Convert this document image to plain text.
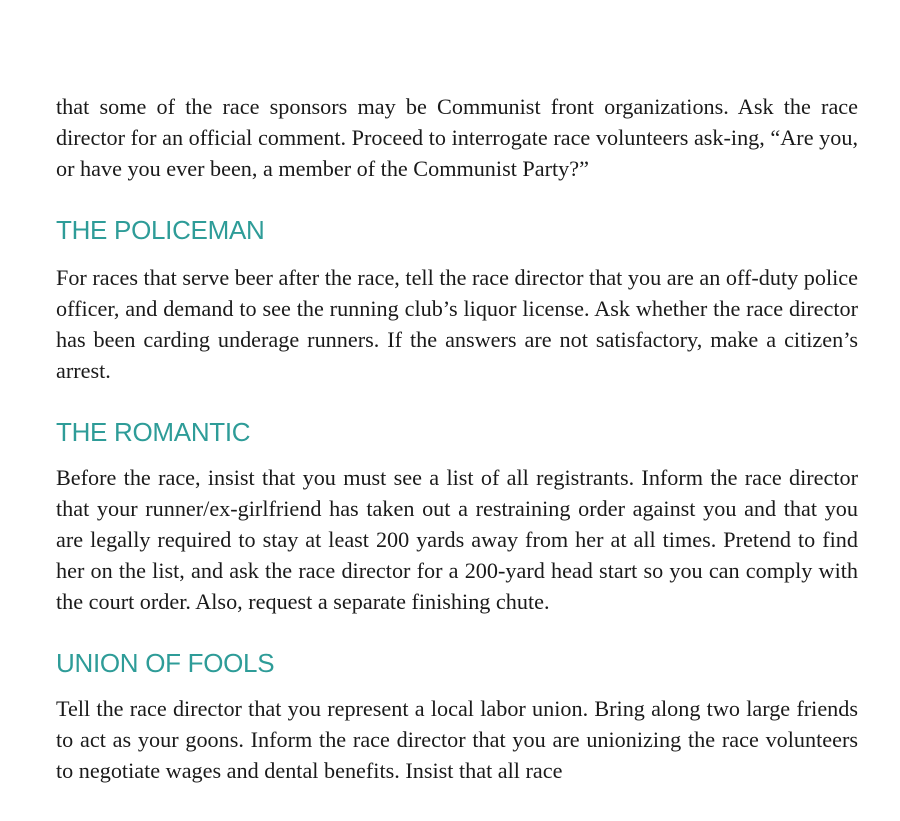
that some of the race sponsors may be Communist front organizations. Ask the race director for an official comment. Proceed to interrogate race volunteers ask-ing, “Are you, or have you ever been, a member of the Communist Party?”

THE POLICEMAN

For races that serve beer after the race, tell the race director that you are an off-duty police officer, and demand to see the running club’s liquor license. Ask whether the race director has been carding underage runners. If the answers are not satisfactory, make a citizen’s arrest.

THE ROMANTIC

Before the race, insist that you must see a list of all registrants. Inform the race director that your runner/ex-girlfriend has taken out a restraining order against you and that you are legally required to stay at least 200 yards away from her at all times. Pretend to find her on the list, and ask the race director for a 200-yard head start so you can comply with the court order. Also, request a separate finishing chute.

UNION OF FOOLS

Tell the race director that you represent a local labor union. Bring along two large friends to act as your goons. Inform the race director that you are unionizing the race volunteers to negotiate wages and dental benefits. Insist that all race
